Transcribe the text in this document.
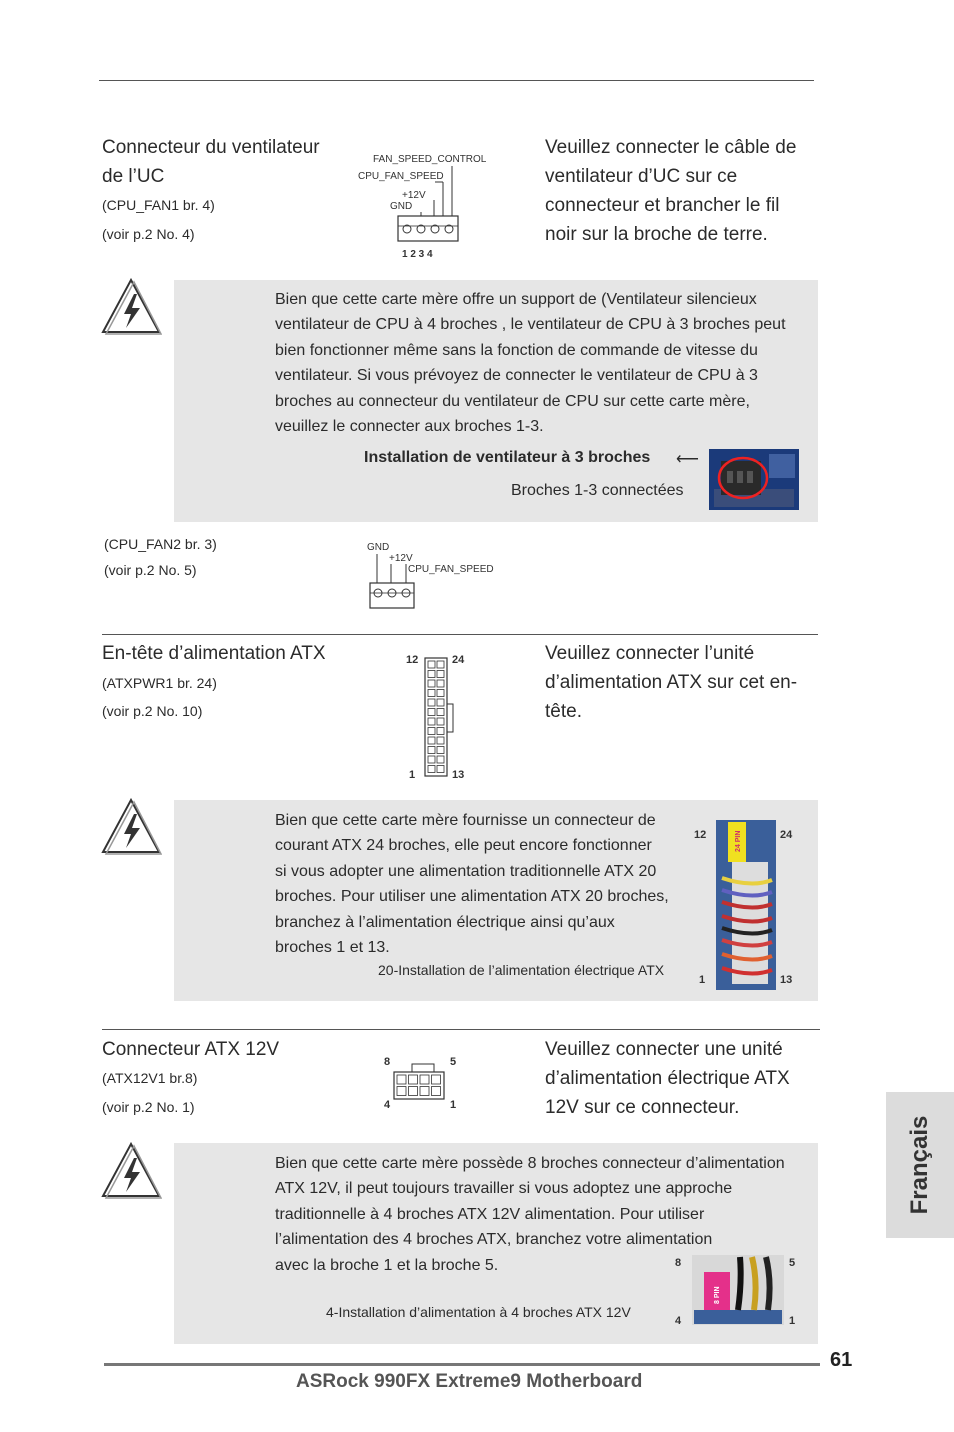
Connecteur du ventilateur
de l’UC
(CPU_FAN1 br. 4)
(voir p.2 No. 4)
FAN_SPEED_CONTROL
CPU_FAN_SPEED
+12V
GND
1 2 3 4
Veuillez connecter le câble de
ventilateur d’UC sur ce
connecteur et brancher le fil
noir sur la broche de terre.
Bien que cette carte mère offre un support de (Ventilateur silencieux
ventilateur de CPU à 4 broches , le ventilateur de CPU à 3 broches peut
bien fonctionner même sans la fonction de commande de vitesse du
ventilateur. Si vous prévoyez de connecter le ventilateur de CPU à 3
broches au connecteur du ventilateur de CPU sur cette carte mère,
veuillez le connecter aux broches 1-3.
Installation de ventilateur à 3 broches ⟵
Broches 1-3 connectées
(CPU_FAN2 br. 3)
(voir p.2 No. 5)
GND
+12V
CPU_FAN_SPEED
En-tête d’alimentation ATX
(ATXPWR1 br. 24)
(voir p.2 No. 10)
12	24
1	13
Veuillez connecter l’unité
d’alimentation ATX sur cet en-
tête.
Bien que cette carte mère fournisse un connecteur de
courant ATX 24 broches, elle peut encore fonctionner
si vous adopter une alimentation traditionnelle ATX 20
broches. Pour utiliser une alimentation ATX 20 broches,
branchez à l’alimentation électrique ainsi qu’aux
broches 1 et 13.
20-Installation de l’alimentation électrique ATX
12	24
24 PIN
1	13
Connecteur ATX 12V
(ATX12V1 br.8)
(voir p.2 No. 1)
8	5
4	1
Veuillez connecter une unité
d’alimentation électrique ATX
12V sur ce connecteur.
Bien que cette carte mère possède 8 broches connecteur d’alimentation
ATX 12V, il peut toujours travailler si vous adoptez une approche
traditionnelle à 4 broches ATX 12V alimentation. Pour utiliser
l’alimentation des 4 broches ATX, branchez votre alimentation
avec la broche 1 et la broche 5.
4-Installation d’alimentation à 4 broches ATX 12V
8	5
8 PIN
4	1
Français
61
ASRock 990FX Extreme9 Motherboard
